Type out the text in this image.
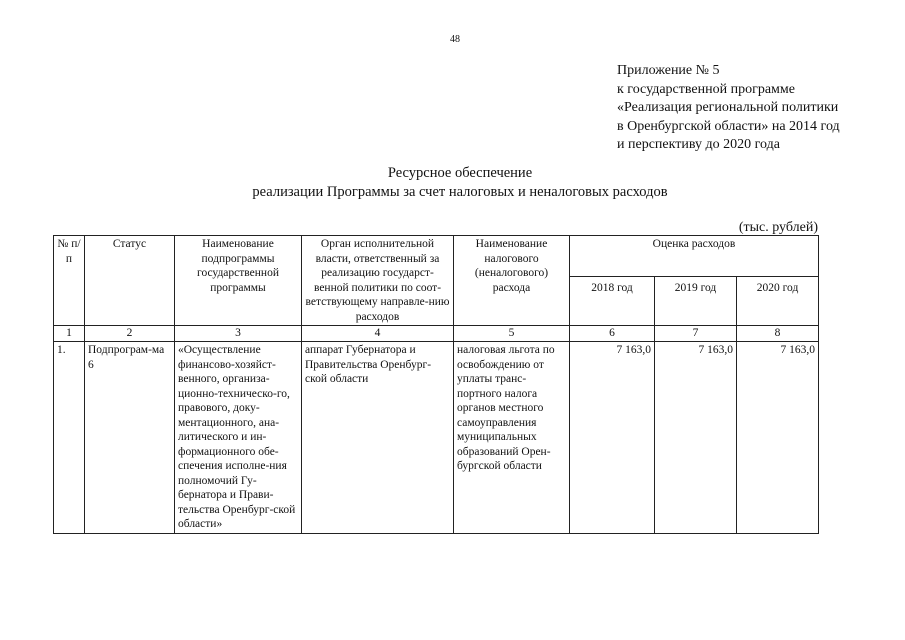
48
Приложение № 5
к государственной программе
«Реализация региональной политики
в Оренбургской области» на 2014 год
и перспективу до 2020 года
Ресурсное обеспечение
реализации Программы за счет налоговых и неналоговых расходов
(тыс. рублей)
№ п/п	Статус	Наименование подпрограммы государственной программы	Орган исполнительной власти, ответственный за реализацию государст-венной политики по соот-ветствующему направле-нию расходов	Наименование налогового (неналогового) расхода	Оценка расходов		
					2018 год	2019 год	2020 год
1	2	3	4	5	6	7	8
1.	Подпрограм-ма 6	«Осуществление финансово-хозяйст-венного, организа-ционно-техническо-го, правового, доку-ментационного, ана-литического и ин-формационного обе-спечения исполне-ния полномочий Гу-бернатора и Прави-тельства Оренбург-ской области»	аппарат Губернатора и Правительства Оренбург-ской области	налоговая льгота по освобождению от уплаты транс-портного налога органов местного самоуправления муниципальных образований Орен-бургской области	7 163,0	7 163,0	7 163,0
